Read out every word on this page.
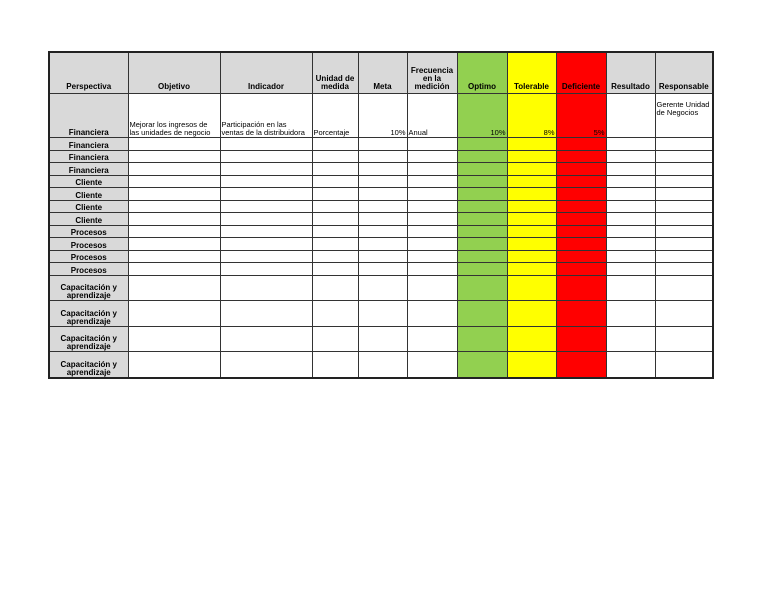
Perspectiva	Objetivo	Indicador	Unidad de medida	Meta	Frecuencia en la medición	Optimo	Tolerable	Deficiente	Resultado	Responsable
Financiera	Mejorar los ingresos de las unidades de negocio	Participación en las ventas de la distribuidora	Porcentaje	10%	Anual	10%	8%	5%		Gerente Unidad de Negocios
Financiera										
Financiera										
Financiera										
Cliente										
Cliente										
Cliente										
Cliente										
Procesos										
Procesos										
Procesos										
Procesos										
Capacitación y aprendizaje										
Capacitación y aprendizaje										
Capacitación y aprendizaje										
Capacitación y aprendizaje										
